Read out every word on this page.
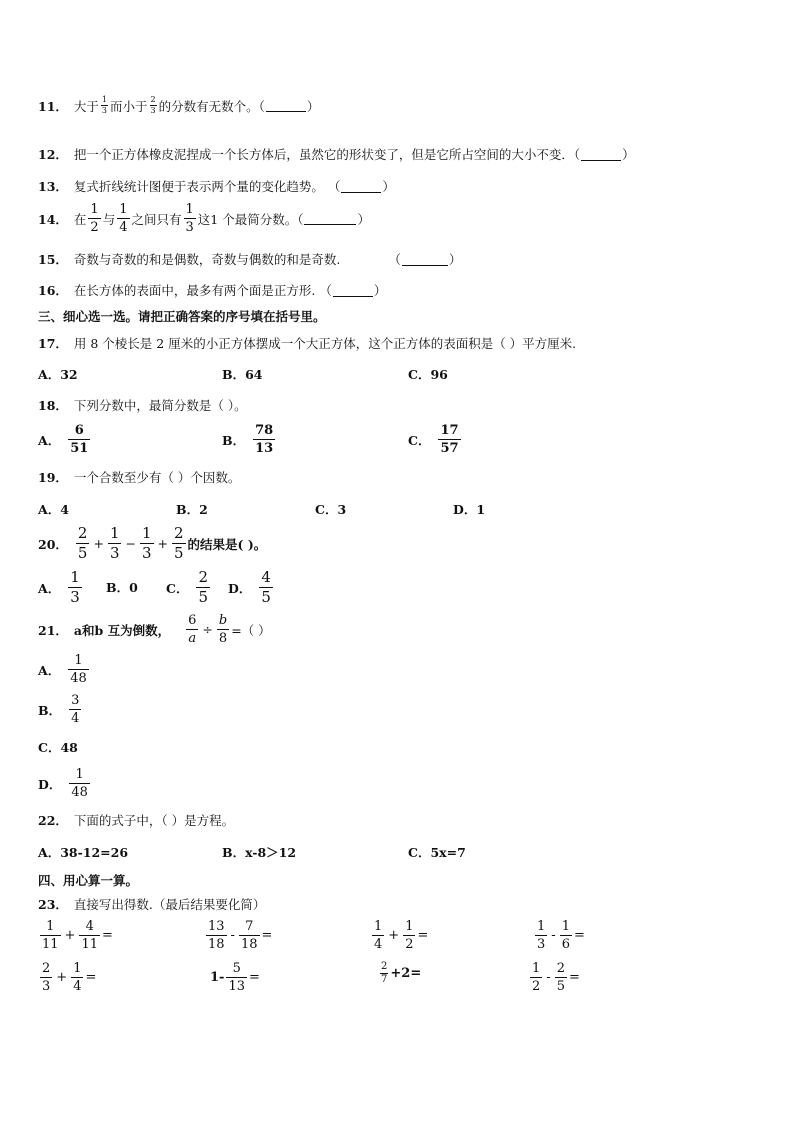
11． 大于 $\frac{1}{3}$ 而小于 $\frac{2}{3}$ 的分数有无数个。（	）
12． 把一个正方体橡皮泥捏成一个长方体后，虽然它的形状变了，但是它所占空间的大小不变．（	）
13． 复式折线统计图便于表示两个量的变化趋势。 （	）
14． 在 $\frac{1}{2}$ 与 $\frac{1}{4}$ 之间只有 $\frac{1}{3}$ 这1 个最简分数。（	）
15． 奇数与奇数的和是偶数，奇数与偶数的和是奇数.	（	）
16． 在长方体的表面中，最多有两个面是正方形. （	）
三、细心选一选。请把正确答案的序号填在括号里。
17． 用 8 个棱长是 2 厘米的小正方体摆成一个大正方体，这个正方体的表面积是（ ）平方厘米.
A．32	B．64	C．96
18． 下列分数中，最简分数是（ ）。
A． $\frac{6}{51}$	B． $\frac{78}{13}$	C． $\frac{17}{57}$
19． 一个合数至少有（ ）个因数。
A．4	B．2	C．3	D．1
20． $\frac{2}{5} + \frac{1}{3} - \frac{1}{3} + \frac{2}{5}$ 的结果是( )。
A． $\frac{1}{3}$ B．0 C． $\frac{2}{5}$ D． $\frac{4}{5}$
21． a和b 互为倒数， $\frac{6}{a} \div \frac{b}{8}$ =（ ）
A． $\frac{1}{48}$
B． $\frac{3}{4}$
C．48
D． $\frac{1}{48}$
22． 下面的式子中，（ ）是方程。
A．38-12=26	B．x-8＞12	C．5x=7
四、用心算一算。
23． 直接写出得数.（最后结果要化简）
$\frac{1}{11} + \frac{4}{11}$ =	$\frac{13}{18} - \frac{7}{18}$ =	$\frac{1}{4} + \frac{1}{2}$ =	$\frac{1}{3} - \frac{1}{6}$ =
$\frac{2}{3} + \frac{1}{4}$ =	$1- \frac{5}{13}$ =	$\frac{2}{7} +2=$	$\frac{1}{2} - \frac{2}{5}$ =
